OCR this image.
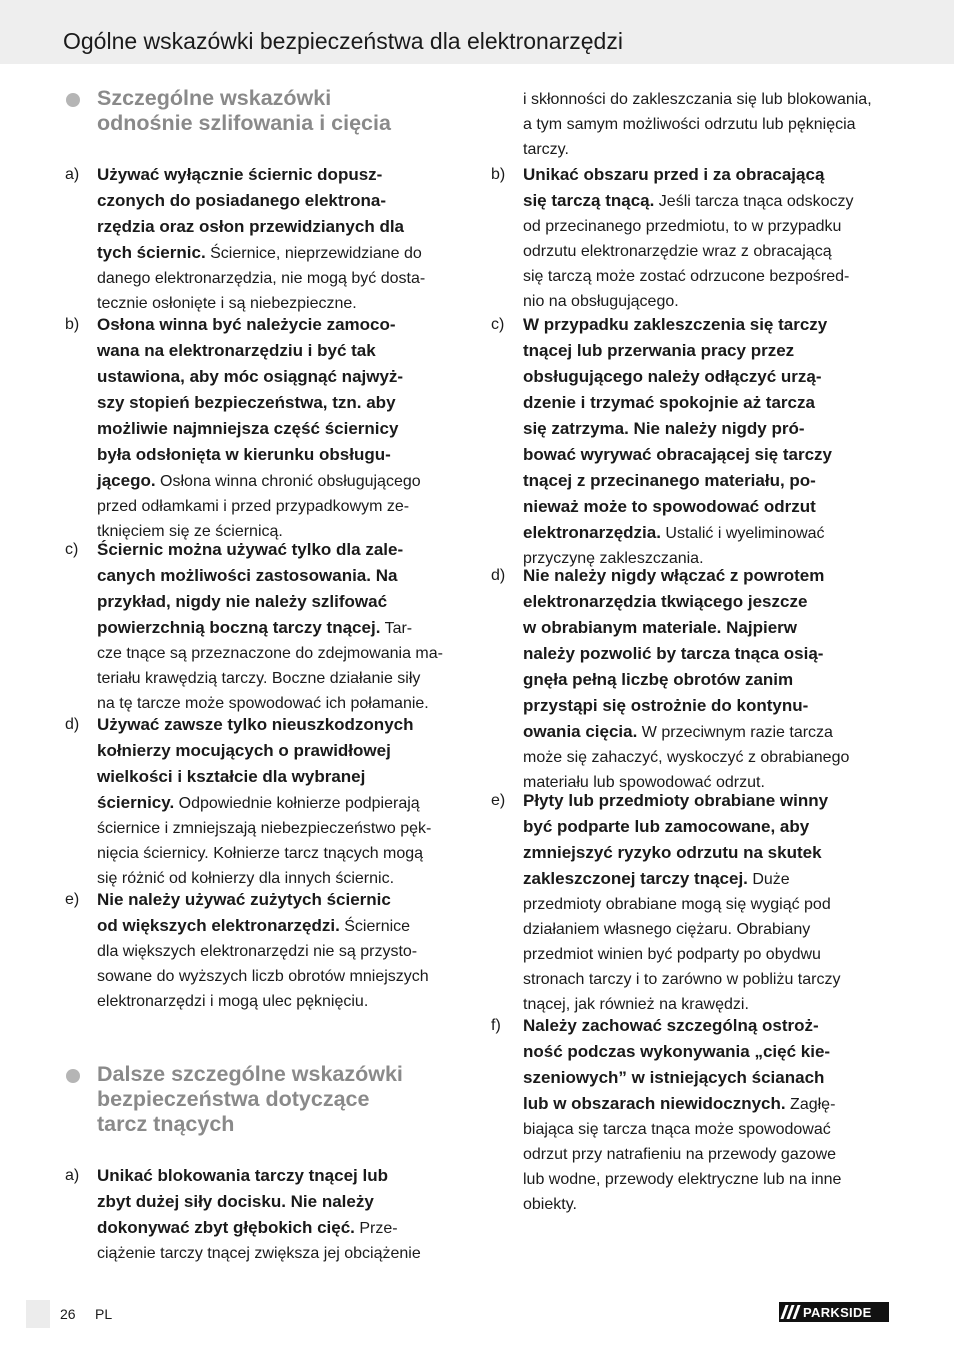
Ogólne wskazówki bezpieczeństwa dla elektronarzędzi
Szczególne wskazówki
odnośnie szlifowania i cięcia
a) Używać wyłącznie ściernic dopusz-
czonych do posiadanego elektrona-
rzędzia oraz osłon przewidzianych dla
tych ściernic. Ściernice, nieprzewidziane do
danego elektronarzędzia, nie mogą być dosta-
tecznie osłonięte i są niebezpieczne.
b) Osłona winna być należycie zamoco-
wana na elektronarzędziu i być tak
ustawiona, aby móc osiągnąć najwyż-
szy stopień bezpieczeństwa, tzn. aby
możliwie najmniejsza część ściernicy
była odsłonięta w kierunku obsługu-
jącego. Osłona winna chronić obsługującego
przed odłamkami i przed przypadkowym ze-
tknięciem się ze ściernicą.
c) Ściernic można używać tylko dla zale-
canych możliwości zastosowania. Na
przykład, nigdy nie należy szlifować
powierzchnią boczną tarczy tnącej. Tar-
cze tnące są przeznaczone do zdejmowania ma-
teriału krawędzią tarczy. Boczne działanie siły
na tę tarcze może spowodować ich połamanie.
d) Używać zawsze tylko nieuszkodzonych
kołnierzy mocujących o prawidłowej
wielkości i kształcie dla wybranej
ściernicy. Odpowiednie kołnierze podpierają
ściernice i zmniejszają niebezpieczeństwo pęk-
nięcia ściernicy. Kołnierze tarcz tnących mogą
się różnić od kołnierzy dla innych ściernic.
e) Nie należy używać zużytych ściernic
od większych elektronarzędzi. Ściernice
dla większych elektronarzędzi nie są przysto-
sowane do wyższych liczb obrotów mniejszych
elektronarzędzi i mogą ulec pęknięciu.
Dalsze szczególne wskazówki
bezpieczeństwa dotyczące
tarcz tnących
a) Unikać blokowania tarczy tnącej lub
zbyt dużej siły docisku. Nie należy
dokonywać zbyt głębokich cięć. Prze-
ciążenie tarczy tnącej zwiększa jej obciążenie
i skłonności do zakleszczania się lub blokowania,
a tym samym możliwości odrzutu lub pęknięcia
tarczy.
b) Unikać obszaru przed i za obracającą
się tarczą tnącą. Jeśli tarcza tnąca odskoczy
od przecinanego przedmiotu, to w przypadku
odrzutu elektronarzędzie wraz z obracającą
się tarczą może zostać odrzucone bezpośred-
nio na obsługującego.
c) W przypadku zakleszczenia się tarczy
tnącej lub przerwania pracy przez
obsługującego należy odłączyć urzą-
dzenie i trzymać spokojnie aż tarcza
się zatrzyma. Nie należy nigdy pró-
bować wyrywać obracającej się tarczy
tnącej z przecinanego materiału, po-
nieważ może to spowodować odrzut
elektronarzędzia. Ustalić i wyeliminować
przyczynę zakleszczania.
d) Nie należy nigdy włączać z powrotem
elektronarzędzia tkwiącego jeszcze
w obrabianym materiale. Najpierw
należy pozwolić by tarcza tnąca osią-
gnęła pełną liczbę obrotów zanim
przystąpi się ostrożnie do kontynu-
owania cięcia. W przeciwnym razie tarcza
może się zahaczyć, wyskoczyć z obrabianego
materiału lub spowodować odrzut.
e) Płyty lub przedmioty obrabiane winny
być podparte lub zamocowane, aby
zmniejszyć ryzyko odrzutu na skutek
zakleszczonej tarczy tnącej. Duże
przedmioty obrabiane mogą się wygiąć pod
działaniem własnego ciężaru. Obrabiany
przedmiot winien być podparty po obydwu
stronach tarczy i to zarówno w pobliżu tarczy
tnącej, jak również na krawędzi.
f) Należy zachować szczególną ostroż-
ność podczas wykonywania „cięć kie-
szeniowych” w istniejących ścianach
lub w obszarach niewidocznych. Zagłę-
biająca się tarcza tnąca może spowodować
odrzut przy natrafieniu na przewody gazowe
lub wodne, przewody elektryczne lub na inne
obiekty.
26 PL	PARKSIDE
